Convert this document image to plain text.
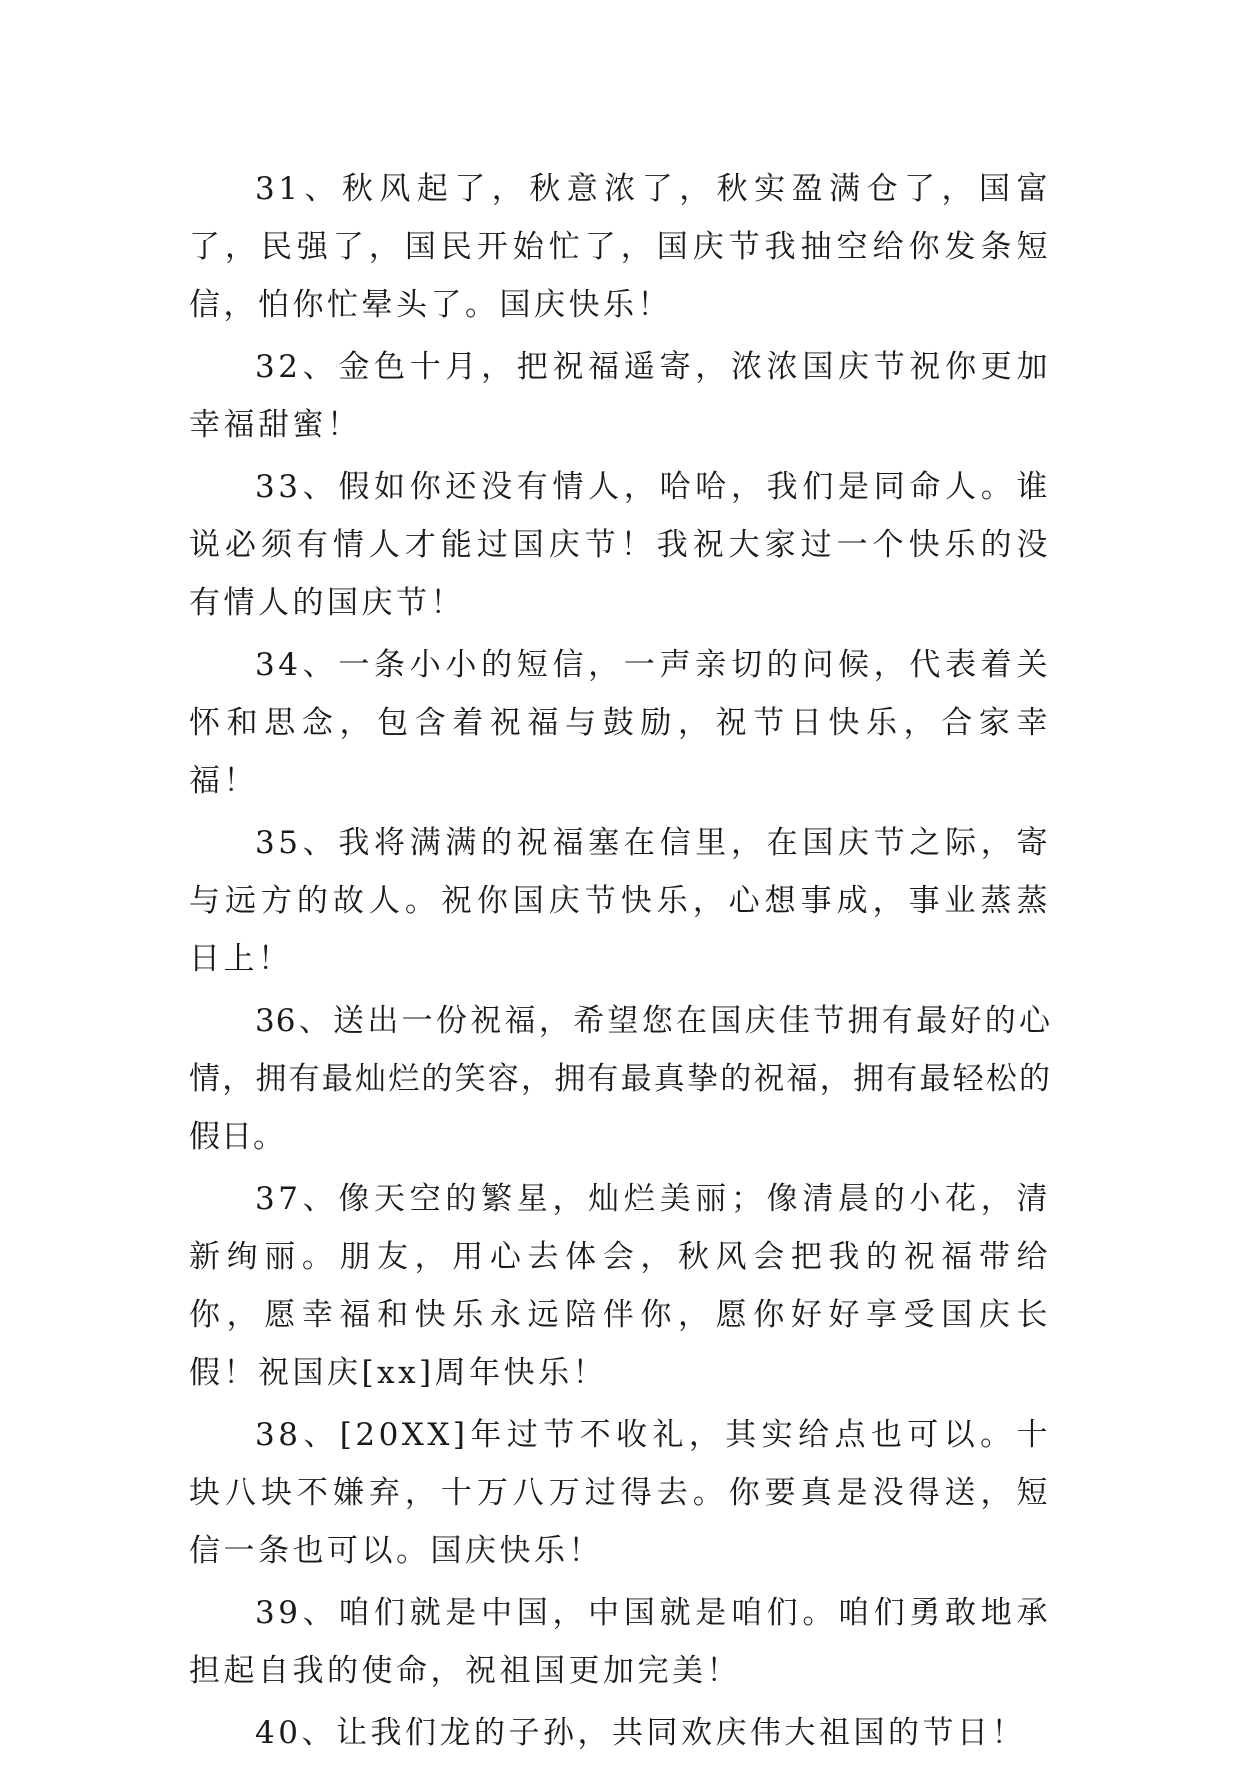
31、秋风起了，秋意浓了，秋实盈满仓了，国富了，民强了，国民开始忙了，国庆节我抽空给你发条短信，怕你忙晕头了。国庆快乐！

32、金色十月，把祝福遥寄，浓浓国庆节祝你更加幸福甜蜜！

33、假如你还没有情人，哈哈，我们是同命人。谁说必须有情人才能过国庆节！我祝大家过一个快乐的没有情人的国庆节！

34、一条小小的短信，一声亲切的问候，代表着关怀和思念，包含着祝福与鼓励，祝节日快乐，合家幸福！

35、我将满满的祝福塞在信里，在国庆节之际，寄与远方的故人。祝你国庆节快乐，心想事成，事业蒸蒸日上！

36、送出一份祝福，希望您在国庆佳节拥有最好的心情，拥有最灿烂的笑容，拥有最真挚的祝福，拥有最轻松的假日。

37、像天空的繁星，灿烂美丽；像清晨的小花，清新绚丽。朋友，用心去体会，秋风会把我的祝福带给你，愿幸福和快乐永远陪伴你，愿你好好享受国庆长假！祝国庆[xx]周年快乐！

38、[20XX]年过节不收礼，其实给点也可以。十块八块不嫌弃，十万八万过得去。你要真是没得送，短信一条也可以。国庆快乐！

39、咱们就是中国，中国就是咱们。咱们勇敢地承担起自我的使命，祝祖国更加完美！

40、让我们龙的子孙，共同欢庆伟大祖国的节日！
